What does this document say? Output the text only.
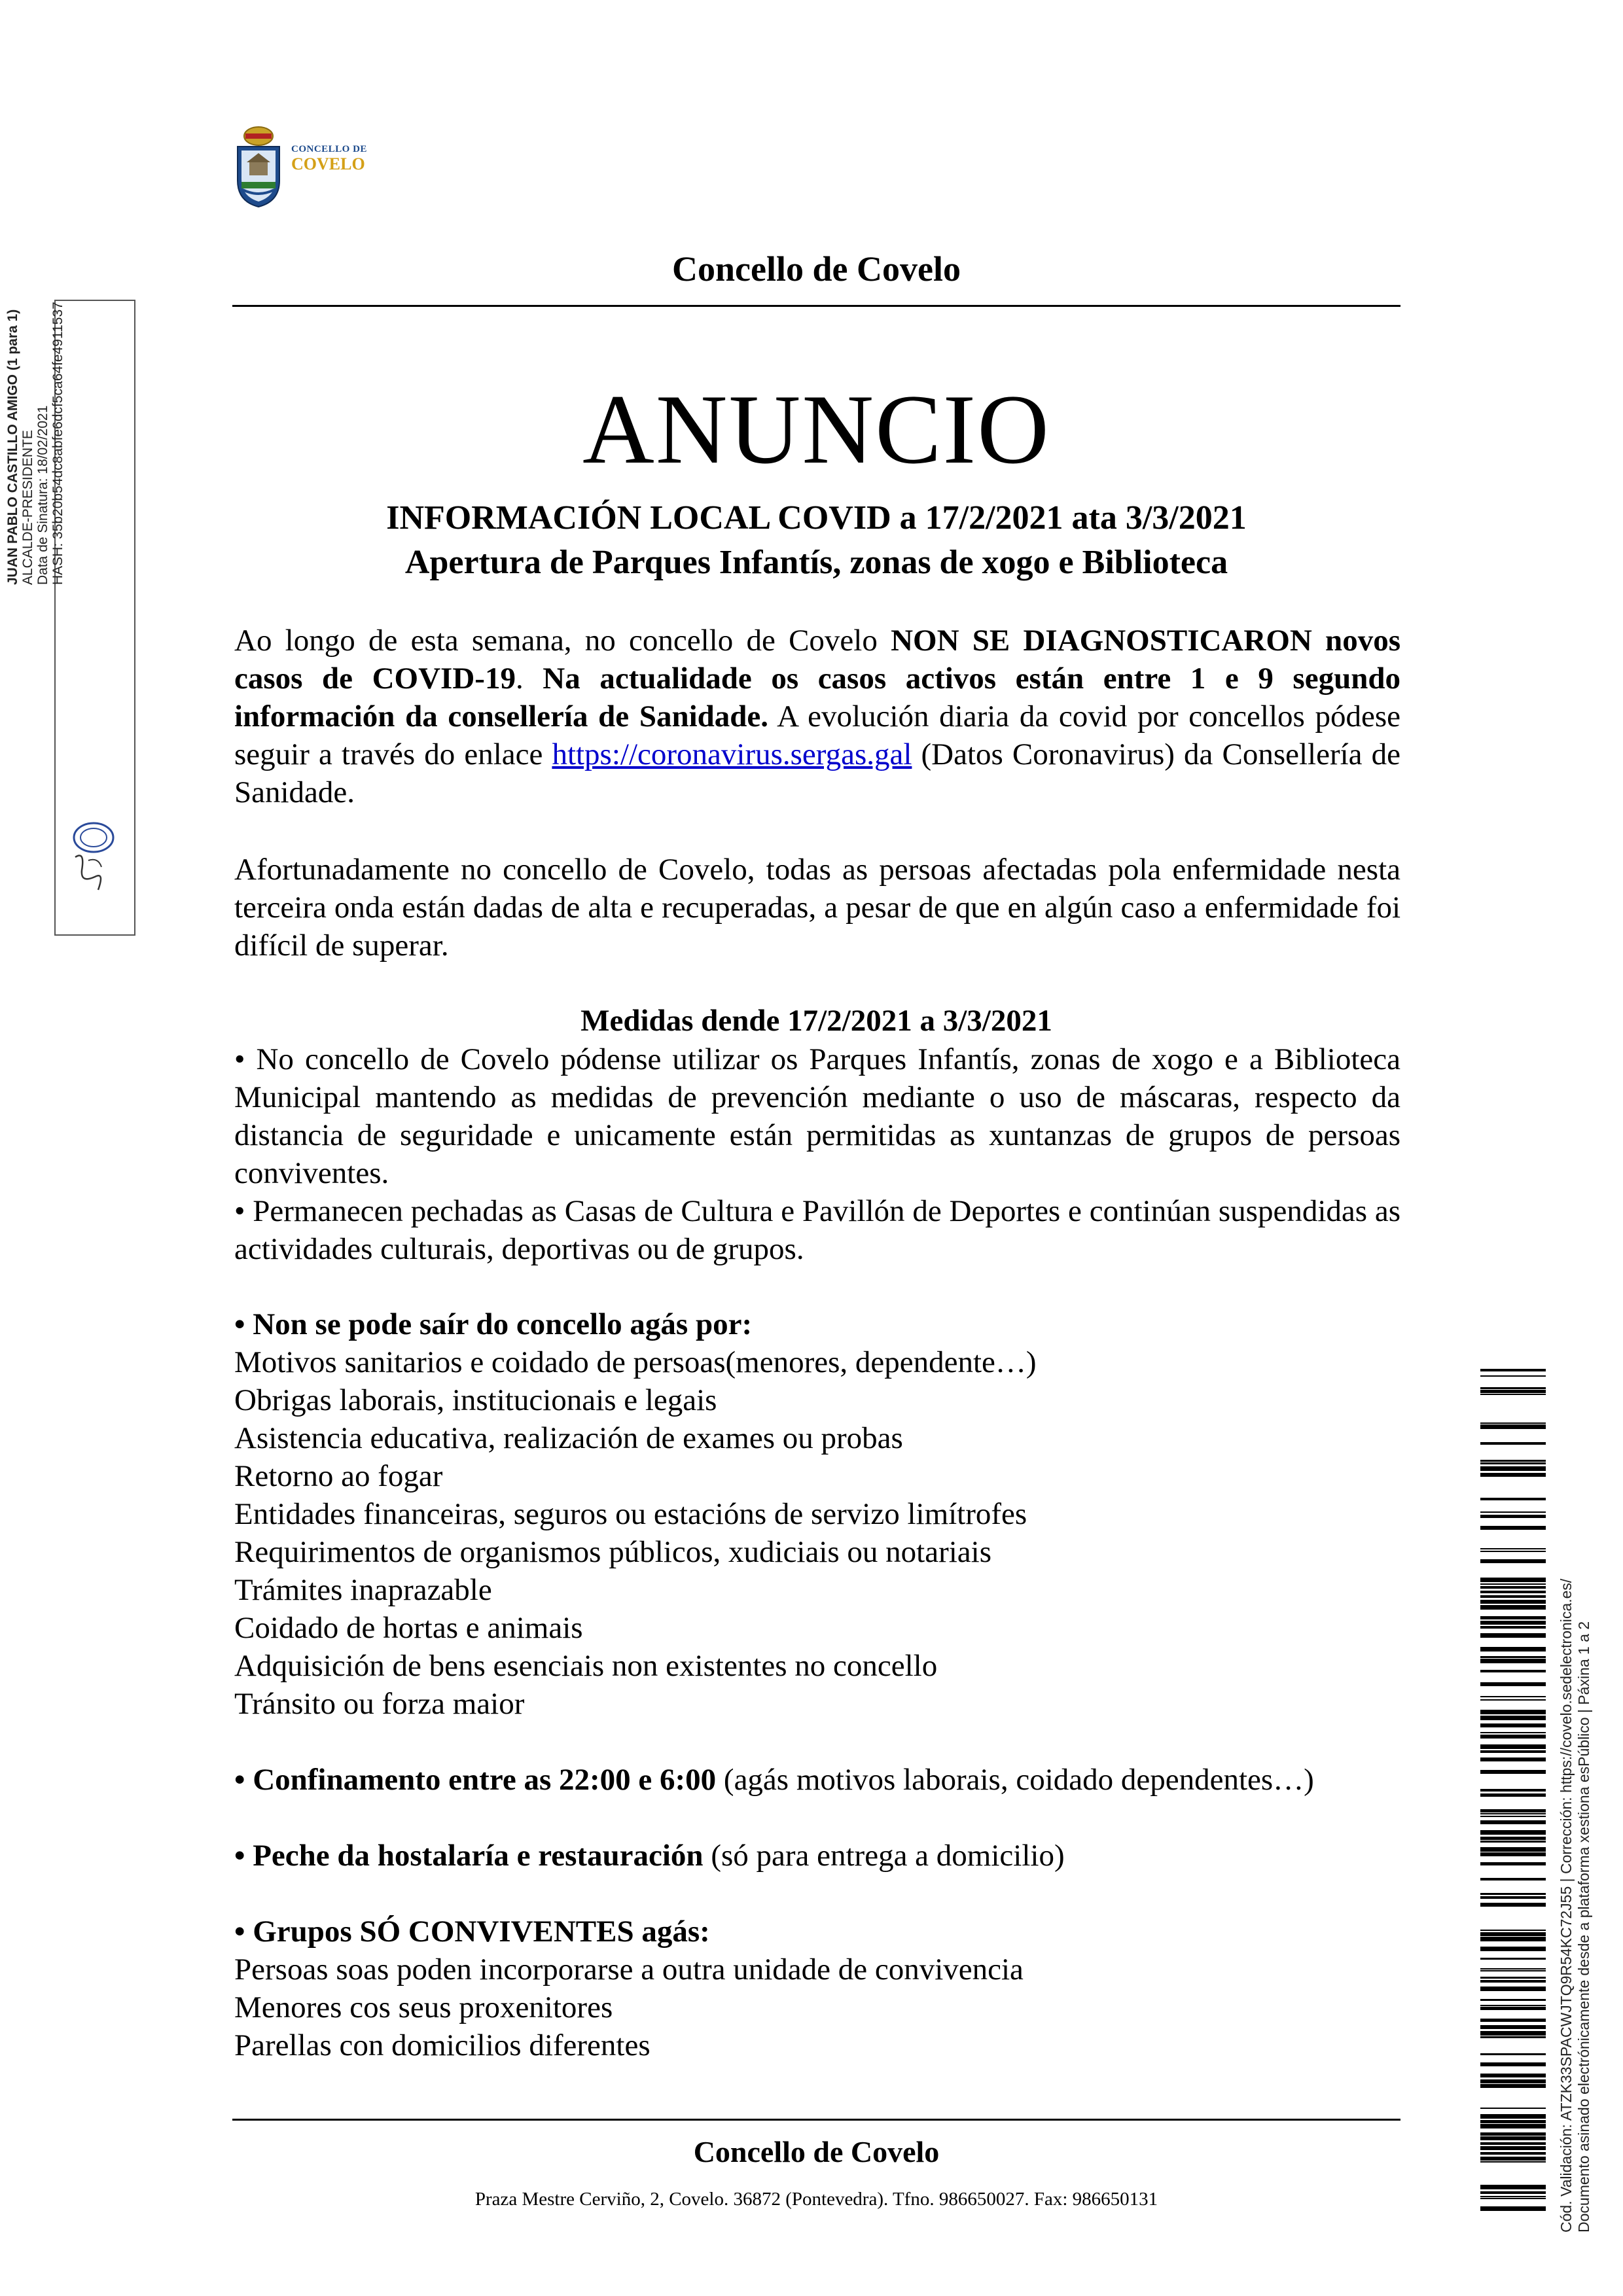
CONCELLO DE
COVELO
Concello de Covelo
ANUNCIO
INFORMACIÓN LOCAL COVID a 17/2/2021 ata 3/3/2021
Apertura de Parques Infantís, zonas de xogo e Biblioteca
Ao longo de esta semana, no concello de Covelo NON SE DIAGNOSTICARON novos casos de COVID-19. Na actualidade os casos activos están entre 1 e 9 segundo información da consellería de Sanidade. A evolución diaria da covid por concellos pódese seguir a través do enlace https://coronavirus.sergas.gal (Datos Coronavirus) da Consellería de Sanidade.
Afortunadamente no concello de Covelo, todas as persoas afectadas pola enfermidade nesta terceira onda están dadas de alta e recuperadas, a pesar de que en algún caso a enfermidade foi difícil de superar.
Medidas dende 17/2/2021 a 3/3/2021
• No concello de Covelo pódense utilizar os Parques Infantís, zonas de xogo e a Biblioteca Municipal mantendo as medidas de prevención mediante o uso de máscaras, respecto da distancia de seguridade e unicamente están permitidas as xuntanzas de grupos de persoas conviventes.
• Permanecen pechadas as Casas de Cultura e Pavillón de Deportes e continúan suspendidas as actividades culturais, deportivas ou de grupos.
• Non se pode saír do concello agás por:
Motivos sanitarios e coidado de persoas(menores, dependente…)
Obrigas laborais, institucionais e legais
Asistencia educativa, realización de exames ou probas
Retorno ao fogar
Entidades financeiras, seguros ou estacións de servizo limítrofes
Requirimentos de organismos públicos, xudiciais ou notariais
Trámites inaprazable
Coidado de hortas e animais
Adquisición de bens esenciais non existentes no concello
Tránsito ou forza maior
• Confinamento entre as 22:00 e 6:00 (agás motivos laborais, coidado dependentes…)
• Peche da hostalaría e restauración (só para entrega a domicilio)
• Grupos SÓ CONVIVENTES agás:
Persoas soas poden incorporarse a outra unidade de convivencia
Menores cos seus proxenitores
Parellas con domicilios diferentes
Concello de Covelo
Praza Mestre Cerviño, 2, Covelo. 36872 (Pontevedra). Tfno. 986650027. Fax: 986650131
JUAN PABLO CASTILLO AMIGO (1 para 1) ALCALDE-PRESIDENTE Data de Sinatura: 18/02/2021 HASH: 35b20b54dc8abfe6dcf5ca64fe4911537
Cód. Validación: ATZK33SPACWJTQ9R54KC72J55 | Corrección: https://covelo.sedelectronica.es/ Documento asinado electrónicamente desde a plataforma xestiona esPúblico | Páxina 1 a 2
